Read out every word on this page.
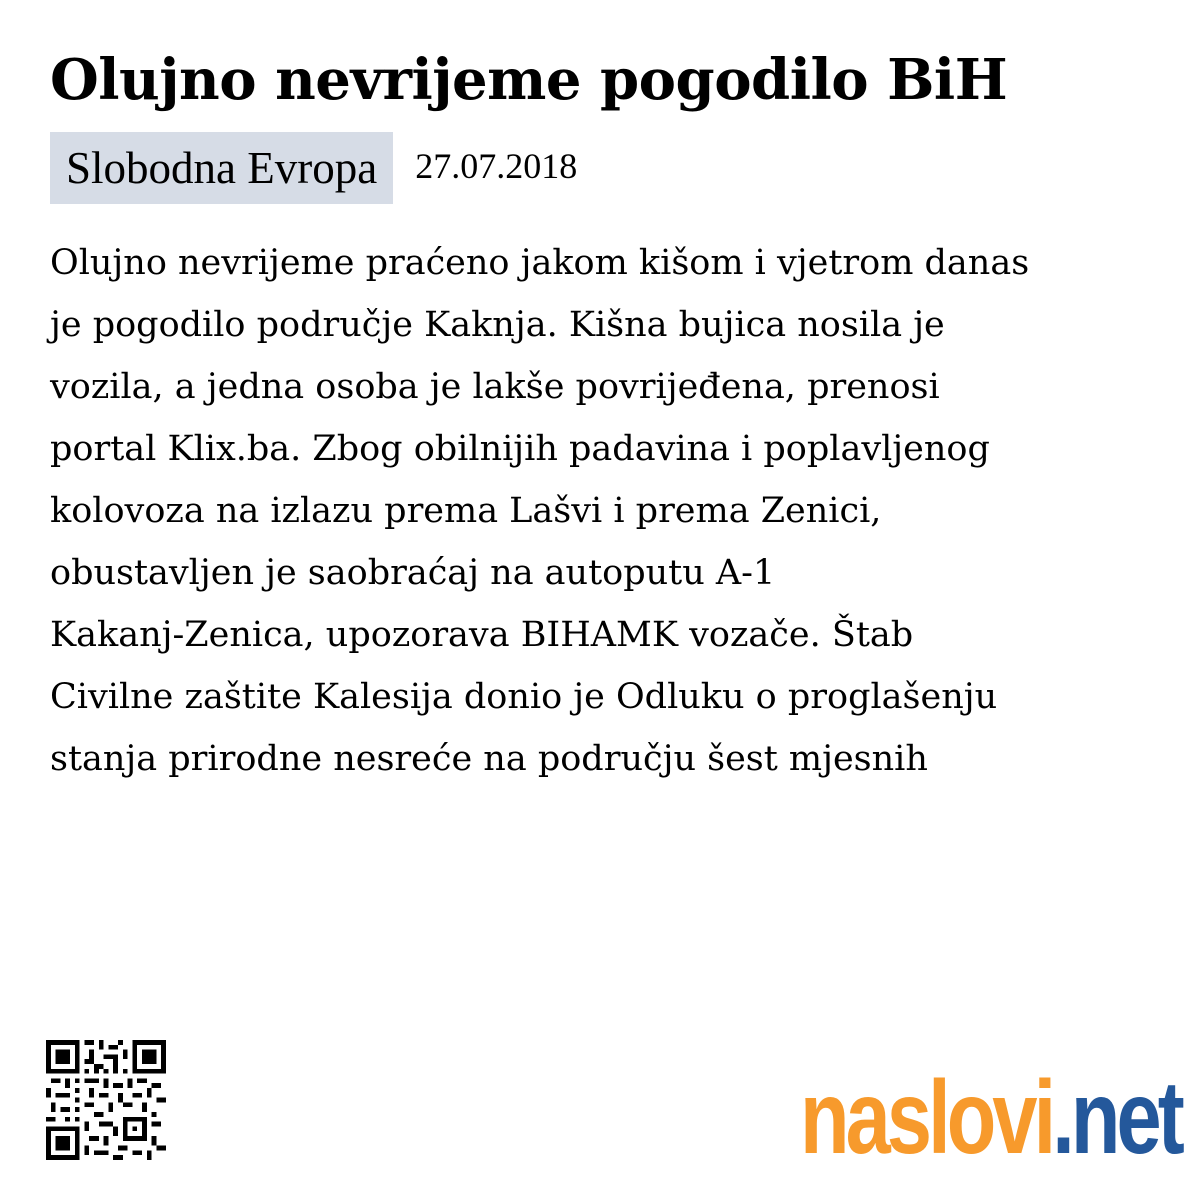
Olujno nevrijeme pogodilo BiH
Slobodna Evropa 27.07.2018
Olujno nevrijeme praćeno jakom kišom i vjetrom danas
je pogodilo područje Kaknja. Kišna bujica nosila je
vozila, a jedna osoba je lakše povrijeđena, prenosi
portal Klix.ba. Zbog obilnijih padavina i poplavljenog
kolovoza na izlazu prema Lašvi i prema Zenici,
obustavljen je saobraćaj na autoputu A-1
Kakanj-Zenica, upozorava BIHAMK vozače. Štab
Civilne zaštite Kalesija donio je Odluku o proglašenju
stanja prirodne nesreće na području šest mjesnih
naslovi .net
